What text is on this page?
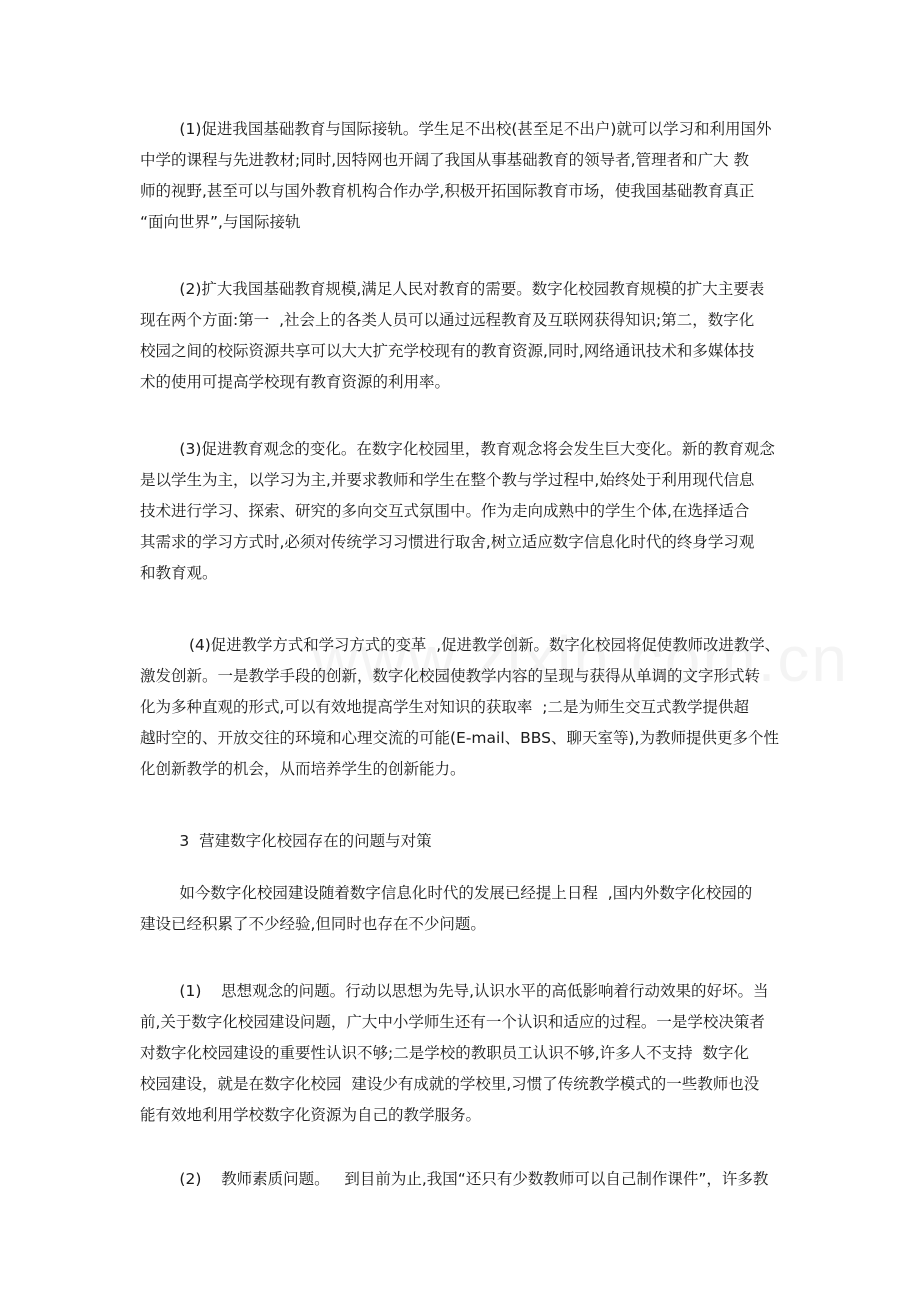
(1)促进我国基础教育与国际接轨。学生足不出校(甚至足不出户)就可以学习和利用国外
中学的课程与先进教材;同时,因特网也开阔了我国从事基础教育的领导者,管理者和广大 教
师的视野,甚至可以与国外教育机构合作办学,积极开拓国际教育市场，使我国基础教育真正
“面向世界”,与国际接轨
(2)扩大我国基础教育规模,满足人民对教育的需要。数字化校园教育规模的扩大主要表
现在两个方面:第一  ,社会上的各类人员可以通过远程教育及互联网获得知识;第二，数字化
校园之间的校际资源共享可以大大扩充学校现有的教育资源,同时,网络通讯技术和多媒体技
术的使用可提高学校现有教育资源的利用率。
(3)促进教育观念的变化。在数字化校园里，教育观念将会发生巨大变化。新的教育观念
是以学生为主，以学习为主,并要求教师和学生在整个教与学过程中,始终处于利用现代信息
技术进行学习、探索、研究的多向交互式氛围中。作为走向成熟中的学生个体,在选择适合
其需求的学习方式时,必须对传统学习习惯进行取舍,树立适应数字信息化时代的终身学习观
和教育观。
(4)促进教学方式和学习方式的变革  ,促进教学创新。数字化校园将促使教师改进教学、
激发创新。一是教学手段的创新，数字化校园使教学内容的呈现与获得从单调的文字形式转
化为多种直观的形式,可以有效地提高学生对知识的获取率  ;二是为师生交互式教学提供超
越时空的、开放交往的环境和心理交流的可能(E-mail、BBS、聊天室等),为教师提供更多个性
化创新教学的机会，从而培养学生的创新能力。
3  营建数字化校园存在的问题与对策
如今数字化校园建设随着数字信息化时代的发展已经提上日程  ,国内外数字化校园的
建设已经积累了不少经验,但同时也存在不少问题。
(1)    思想观念的问题。行动以思想为先导,认识水平的高低影响着行动效果的好坏。当
前,关于数字化校园建设问题，广大中小学师生还有一个认识和适应的过程。一是学校决策者
对数字化校园建设的重要性认识不够;二是学校的教职员工认识不够,许多人不支持  数字化
校园建设，就是在数字化校园  建设少有成就的学校里,习惯了传统教学模式的一些教师也没
能有效地利用学校数字化资源为自己的教学服务。
(2)    教师素质问题。   到目前为止,我国“还只有少数教师可以自己制作课件”，许多教
